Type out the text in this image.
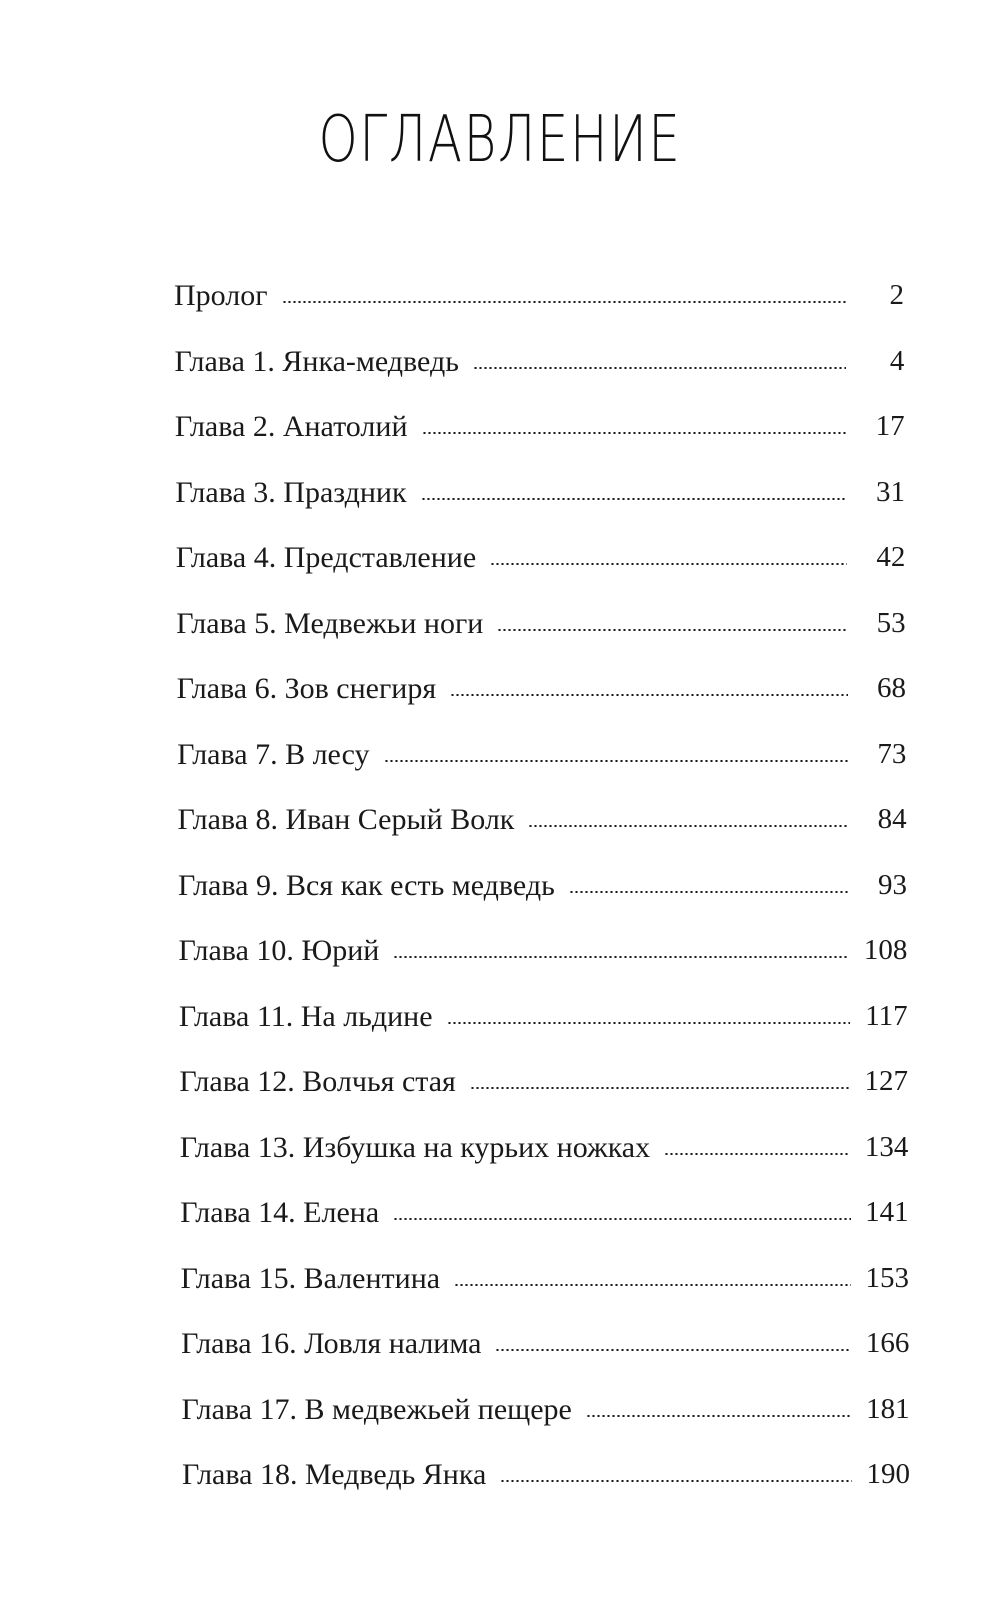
ОГЛАВЛЕНИЕ
Пролог	2
Глава 1. Янка-медведь	4
Глава 2. Анатолий	17
Глава 3. Праздник	31
Глава 4. Представление	42
Глава 5. Медвежьи ноги	53
Глава 6. Зов снегиря	68
Глава 7. В лесу	73
Глава 8. Иван Серый Волк	84
Глава 9. Вся как есть медведь	93
Глава 10. Юрий	108
Глава 11. На льдине	117
Глава 12. Волчья стая	127
Глава 13. Избушка на курьих ножках	134
Глава 14. Елена	141
Глава 15. Валентина	153
Глава 16. Ловля налима	166
Глава 17. В медвежьей пещере	181
Глава 18. Медведь Янка	190
